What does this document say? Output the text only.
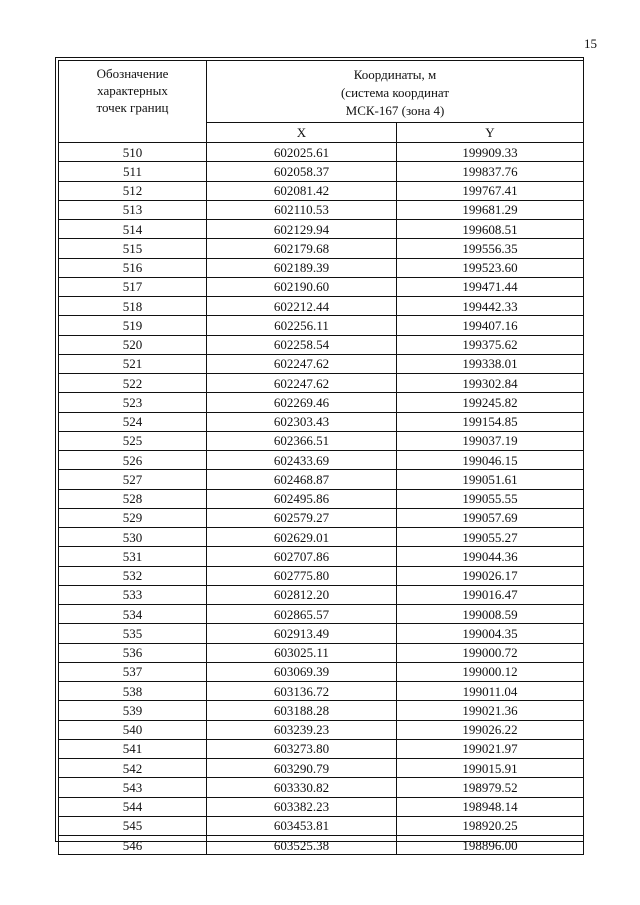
15
Обозначение
характерных
точек границ	Координаты, м
(система координат
МСК-167 (зона 4)	

	X	Y
510	602025.61	199909.33
511	602058.37	199837.76
512	602081.42	199767.41
513	602110.53	199681.29
514	602129.94	199608.51
515	602179.68	199556.35
516	602189.39	199523.60
517	602190.60	199471.44
518	602212.44	199442.33
519	602256.11	199407.16
520	602258.54	199375.62
521	602247.62	199338.01
522	602247.62	199302.84
523	602269.46	199245.82
524	602303.43	199154.85
525	602366.51	199037.19
526	602433.69	199046.15
527	602468.87	199051.61
528	602495.86	199055.55
529	602579.27	199057.69
530	602629.01	199055.27
531	602707.86	199044.36
532	602775.80	199026.17
533	602812.20	199016.47
534	602865.57	199008.59
535	602913.49	199004.35
536	603025.11	199000.72
537	603069.39	199000.12
538	603136.72	199011.04
539	603188.28	199021.36
540	603239.23	199026.22
541	603273.80	199021.97
542	603290.79	199015.91
543	603330.82	198979.52
544	603382.23	198948.14
545	603453.81	198920.25
546	603525.38	198896.00
